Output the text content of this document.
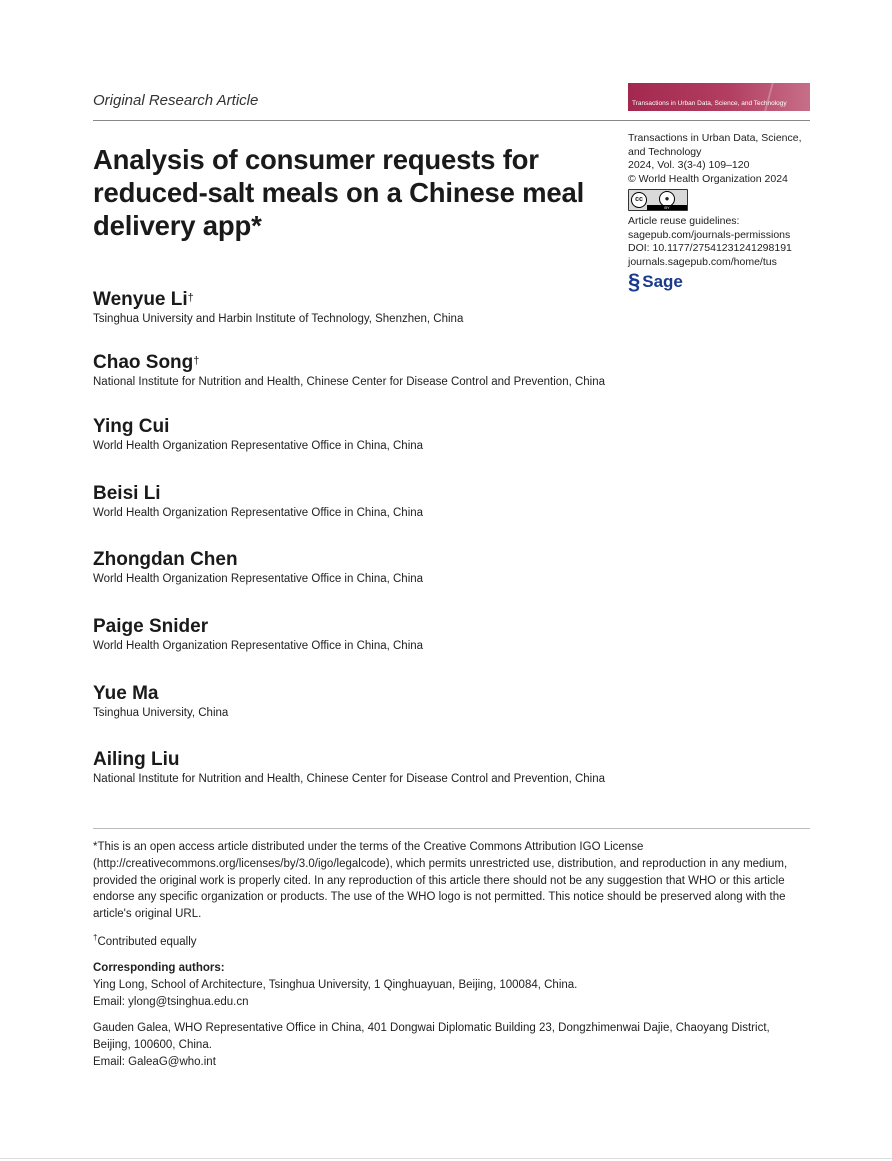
Original Research Article	Transactions in Urban Data, Science, and Technology
Transactions in Urban Data, Science,
and Technology
2024, Vol. 3(3-4) 109–120
© World Health Organization 2024
cc	●
BY
Article reuse guidelines:
sagepub.com/journals-permissions
DOI: 10.1177/27541231241298191
journals.sagepub.com/home/tus
§ Sage
Analysis of consumer requests for reduced-salt meals on a Chinese meal delivery app*
Wenyue Li†
Tsinghua University and Harbin Institute of Technology, Shenzhen, China
Chao Song†
National Institute for Nutrition and Health, Chinese Center for Disease Control and Prevention, China
Ying Cui
World Health Organization Representative Office in China, China
Beisi Li
World Health Organization Representative Office in China, China
Zhongdan Chen
World Health Organization Representative Office in China, China
Paige Snider
World Health Organization Representative Office in China, China
Yue Ma
Tsinghua University, China
Ailing Liu
National Institute for Nutrition and Health, Chinese Center for Disease Control and Prevention, China
*This is an open access article distributed under the terms of the Creative Commons Attribution IGO License (http://creativecommons.org/licenses/by/3.0/igo/legalcode), which permits unrestricted use, distribution, and reproduction in any medium, provided the original work is properly cited. In any reproduction of this article there should not be any suggestion that WHO or this article endorse any specific organization or products. The use of the WHO logo is not permitted. This notice should be preserved along with the article's original URL.
†Contributed equally
Corresponding authors:
Ying Long, School of Architecture, Tsinghua University, 1 Qinghuayuan, Beijing, 100084, China.
Email: ylong@tsinghua.edu.cn
Gauden Galea, WHO Representative Office in China, 401 Dongwai Diplomatic Building 23, Dongzhimenwai Dajie, Chaoyang District, Beijing, 100600, China.
Email: GaleaG@who.int
